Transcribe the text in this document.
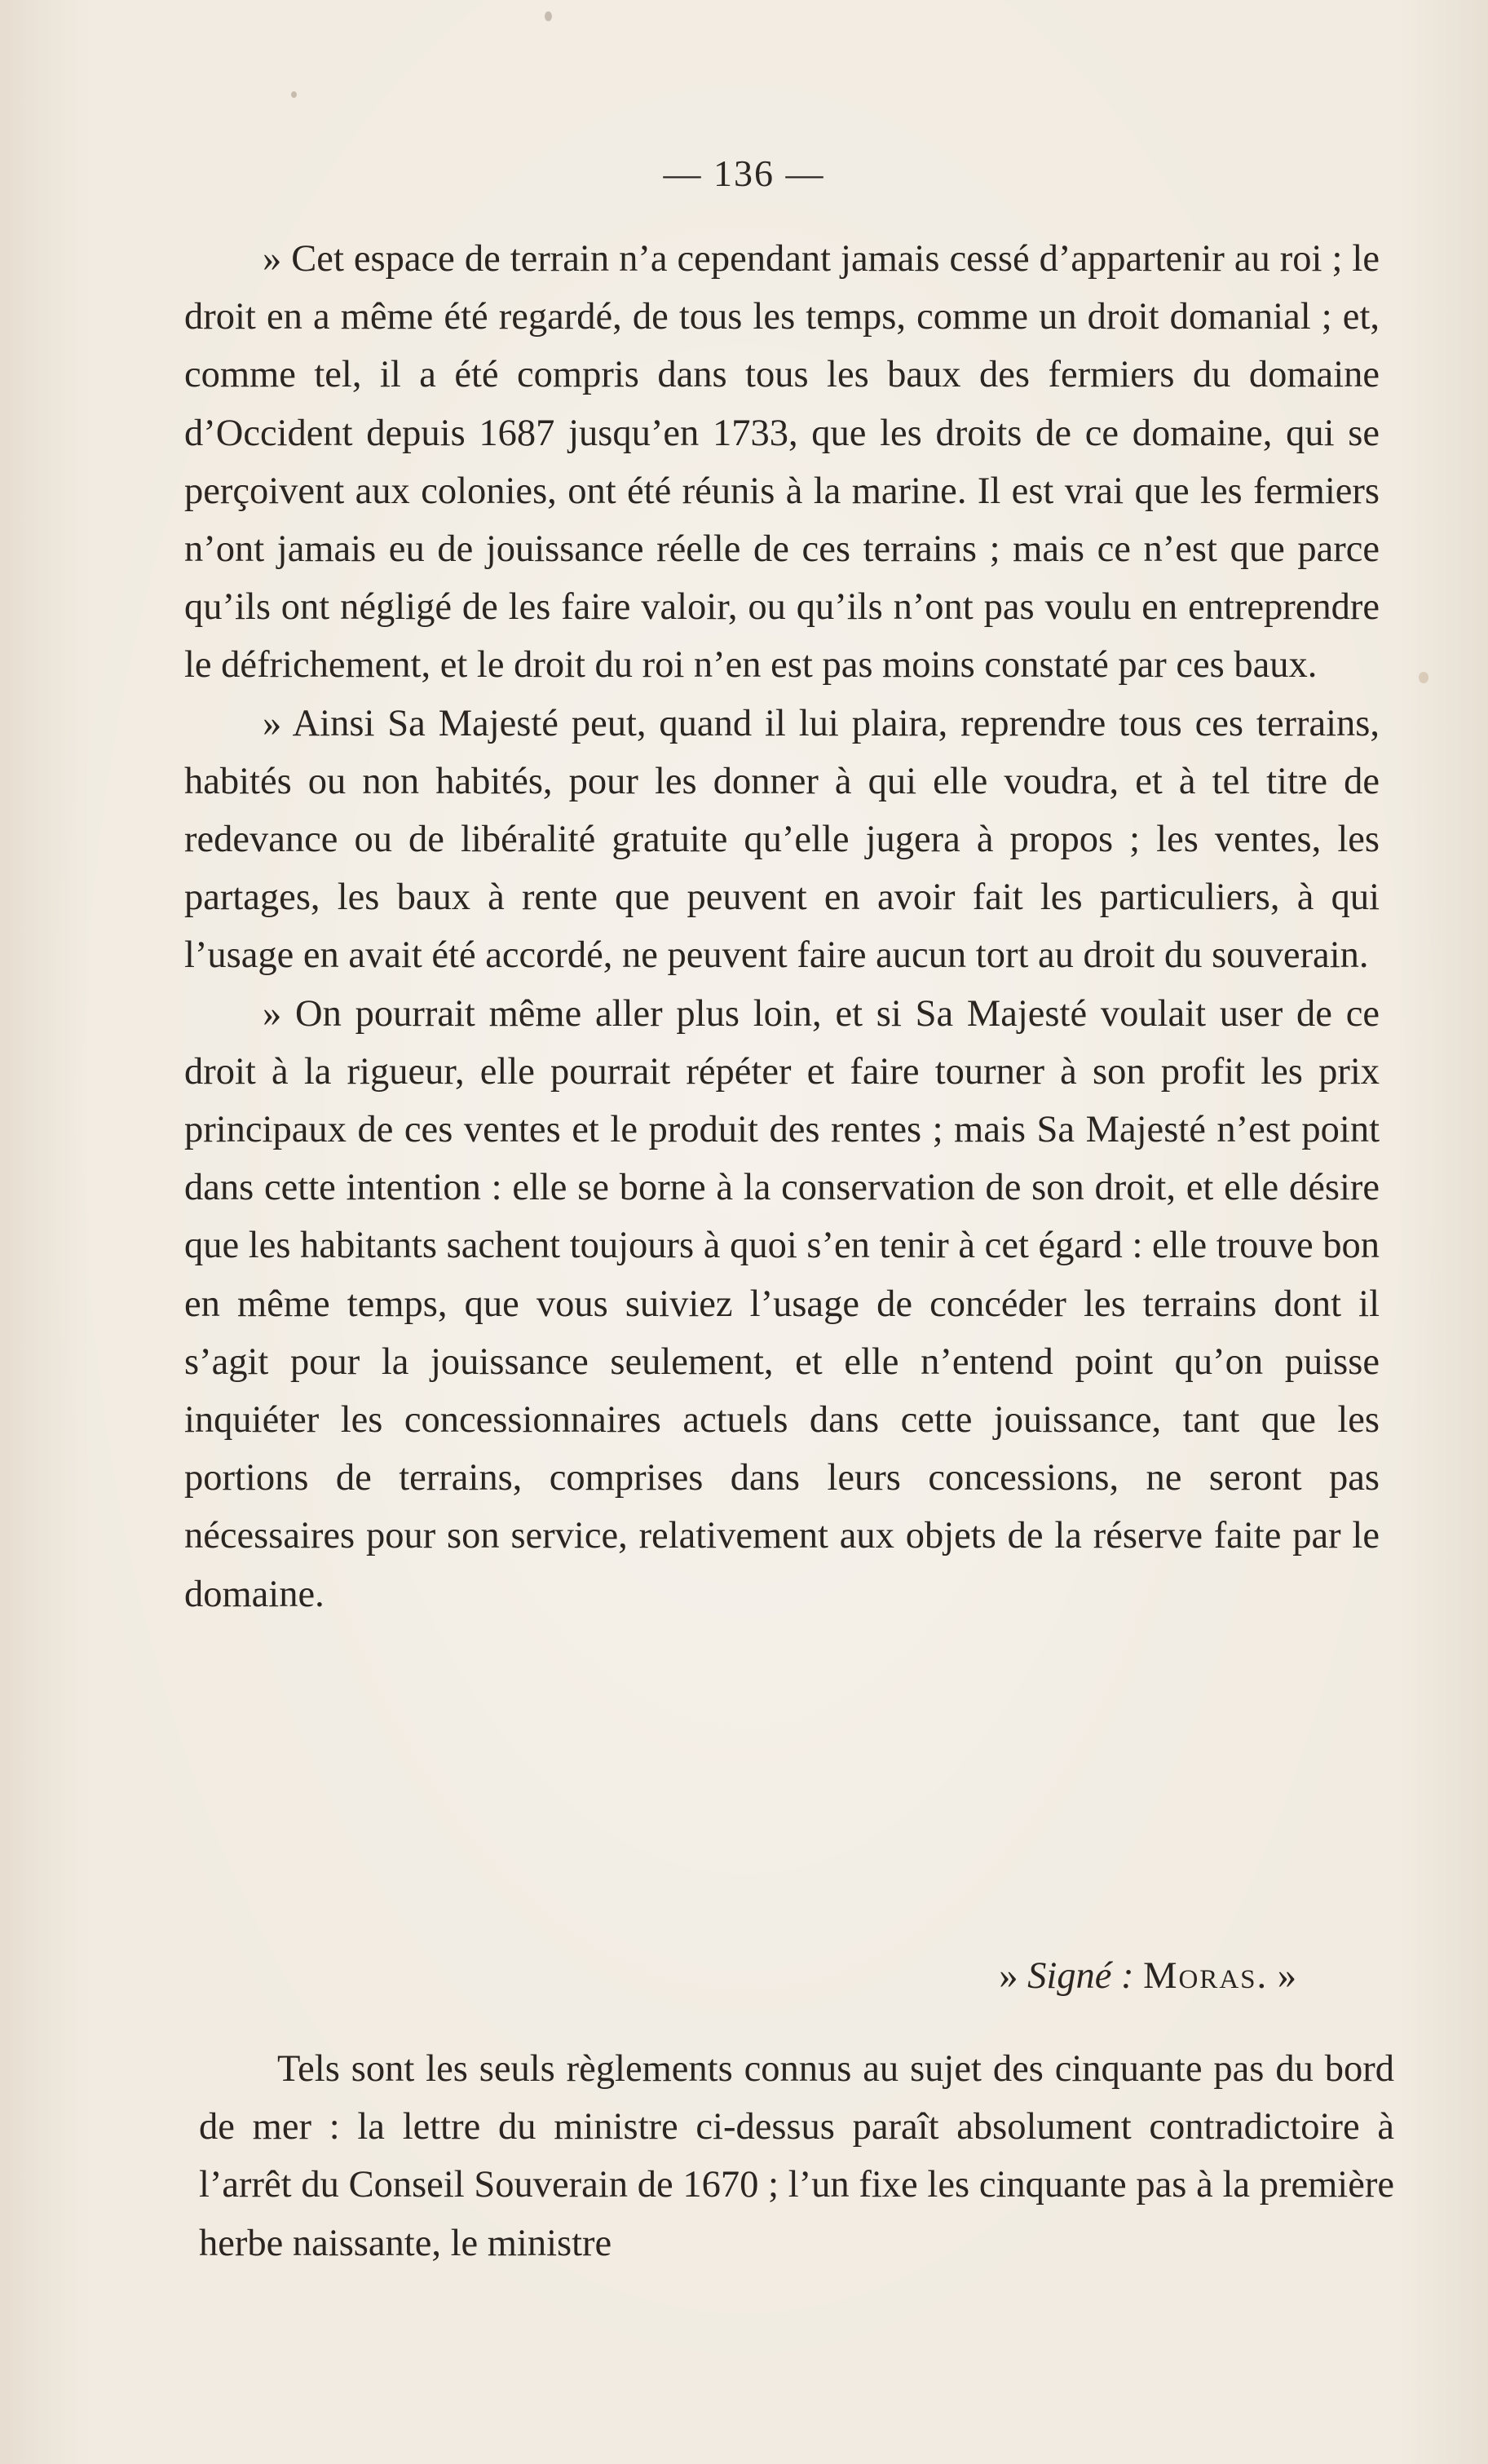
— 136 —

» Cet espace de terrain n’a cependant jamais cessé d’appartenir au roi ; le droit en a même été regardé, de tous les temps, comme un droit domanial ; et, comme tel, il a été compris dans tous les baux des fermiers du domaine d’Occident depuis 1687 jusqu’en 1733, que les droits de ce domaine, qui se perçoivent aux colonies, ont été réunis à la marine. Il est vrai que les fermiers n’ont jamais eu de jouissance réelle de ces terrains ; mais ce n’est que parce qu’ils ont négligé de les faire valoir, ou qu’ils n’ont pas voulu en entreprendre le défrichement, et le droit du roi n’en est pas moins constaté par ces baux.

» Ainsi Sa Majesté peut, quand il lui plaira, reprendre tous ces terrains, habités ou non habités, pour les donner à qui elle voudra, et à tel titre de redevance ou de libéralité gratuite qu’elle jugera à propos ; les ventes, les partages, les baux à rente que peuvent en avoir fait les particuliers, à qui l’usage en avait été accordé, ne peuvent faire aucun tort au droit du souverain.

» On pourrait même aller plus loin, et si Sa Majesté voulait user de ce droit à la rigueur, elle pourrait répéter et faire tourner à son profit les prix principaux de ces ventes et le produit des rentes ; mais Sa Majesté n’est point dans cette intention : elle se borne à la conservation de son droit, et elle désire que les habitants sachent toujours à quoi s’en tenir à cet égard : elle trouve bon en même temps, que vous suiviez l’usage de concéder les terrains dont il s’agit pour la jouissance seulement, et elle n’entend point qu’on puisse inquiéter les concessionnaires actuels dans cette jouissance, tant que les portions de terrains, comprises dans leurs concessions, ne seront pas nécessaires pour son service, relativement aux objets de la réserve faite par le domaine.

» Signé : Moras. »

Tels sont les seuls règlements connus au sujet des cinquante pas du bord de mer : la lettre du ministre ci-dessus paraît absolument contradictoire à l’arrêt du Conseil Souverain de 1670 ; l’un fixe les cinquante pas à la première herbe naissante, le ministre
